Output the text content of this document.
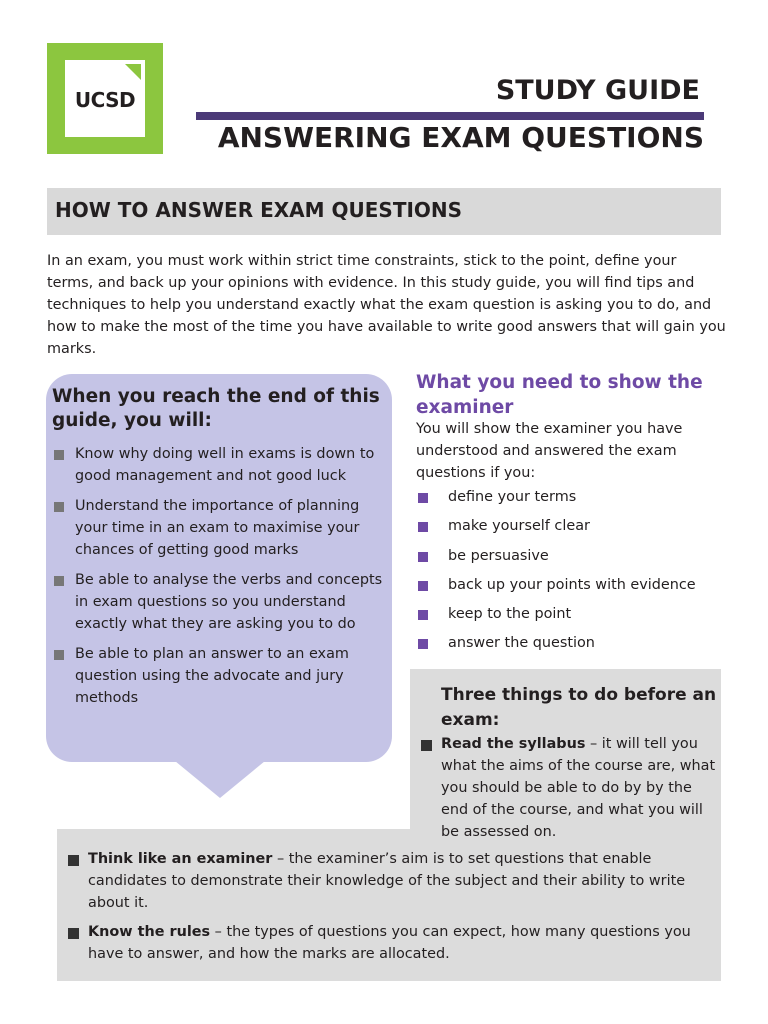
UCSD	STUDY GUIDE
ANSWERING EXAM QUESTIONS
HOW TO ANSWER EXAM QUESTIONS

In an exam, you must work within strict time constraints, stick to the point, define your terms, and back up your opinions with evidence. In this study guide, you will find tips and techniques to help you understand exactly what the exam question is asking you to do, and how to make the most of the time you have available to write good answers that will gain you marks.

When you reach the end of this guide, you will:
Know why doing well in exams is down to good management and not good luck
Understand the importance of planning your time in an exam to maximise your chances of getting good marks
Be able to analyse the verbs and concepts in exam questions so you understand exactly what they are asking you to do
Be able to plan an answer to an exam question using the advocate and jury methods
What you need to show the examiner

You will show the examiner you have understood and answered the exam questions if you:

define your terms
make yourself clear
be persuasive
back up your points with evidence
keep to the point
answer the question
Three things to do before an exam:
Read the syllabus – it will tell you what the aims of the course are, what you should be able to do by by the end of the course, and what you will be assessed on.
Think like an examiner – the examiner’s aim is to set questions that enable candidates to demonstrate their knowledge of the subject and their ability to write about it.
Know the rules – the types of questions you can expect, how many questions you have to answer, and how the marks are allocated.
